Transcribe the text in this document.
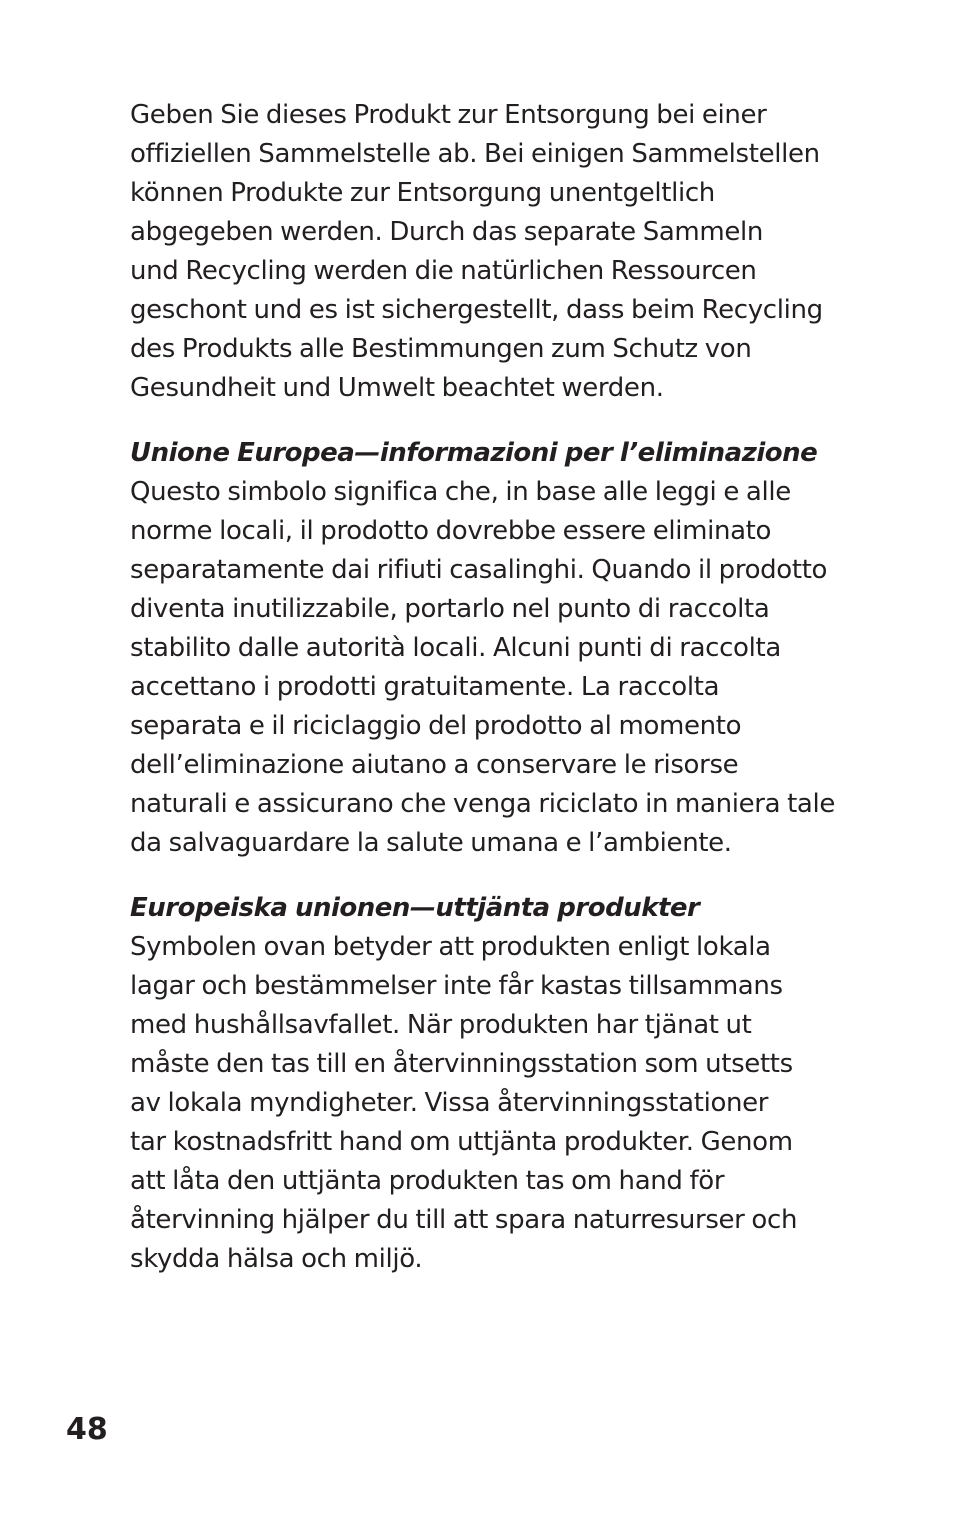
Geben Sie dieses Produkt zur Entsorgung bei einer
offiziellen Sammelstelle ab. Bei einigen Sammelstellen
können Produkte zur Entsorgung unentgeltlich
abgegeben werden. Durch das separate Sammeln
und Recycling werden die natürlichen Ressourcen
geschont und es ist sichergestellt, dass beim Recycling
des Produkts alle Bestimmungen zum Schutz von
Gesundheit und Umwelt beachtet werden.

Unione Europea—informazioni per l’eliminazione

Questo simbolo significa che, in base alle leggi e alle
norme locali, il prodotto dovrebbe essere eliminato
separatamente dai rifiuti casalinghi. Quando il prodotto
diventa inutilizzabile, portarlo nel punto di raccolta
stabilito dalle autorità locali. Alcuni punti di raccolta
accettano i prodotti gratuitamente. La raccolta
separata e il riciclaggio del prodotto al momento
dell’eliminazione aiutano a conservare le risorse
naturali e assicurano che venga riciclato in maniera tale
da salvaguardare la salute umana e l’ambiente.

Europeiska unionen—uttjänta produkter

Symbolen ovan betyder att produkten enligt lokala
lagar och bestämmelser inte får kastas tillsammans
med hushållsavfallet. När produkten har tjänat ut
måste den tas till en återvinningsstation som utsetts
av lokala myndigheter. Vissa återvinningsstationer
tar kostnadsfritt hand om uttjänta produkter. Genom
att låta den uttjänta produkten tas om hand för
återvinning hjälper du till att spara naturresurser och
skydda hälsa och miljö.

48
